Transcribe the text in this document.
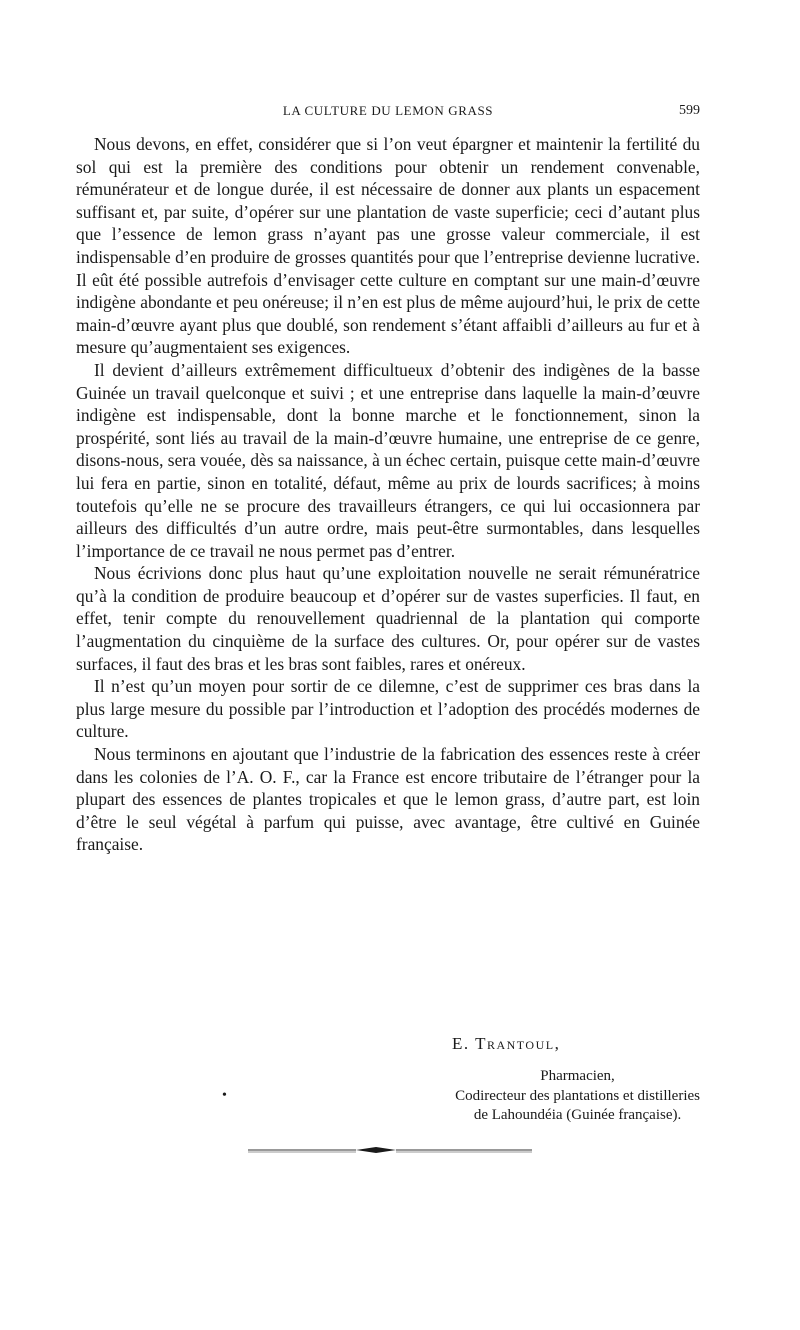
LA CULTURE DU LEMON GRASS	599

Nous devons, en effet, considérer que si l’on veut épargner et maintenir la fertilité du sol qui est la première des conditions pour obtenir un rendement convenable, rémunérateur et de longue durée, il est nécessaire de donner aux plants un espacement suffisant et, par suite, d’opérer sur une plantation de vaste superficie; ceci d’autant plus que l’essence de lemon grass n’ayant pas une grosse valeur commerciale, il est indispensable d’en produire de grosses quantités pour que l’entreprise devienne lucrative. Il eût été possible autrefois d’envisager cette culture en comptant sur une main-d’œuvre indigène abondante et peu onéreuse; il n’en est plus de même aujourd’hui, le prix de cette main-d’œuvre ayant plus que doublé, son rendement s’étant affaibli d’ailleurs au fur et à mesure qu’augmentaient ses exigences.

Il devient d’ailleurs extrêmement difficultueux d’obtenir des indigènes de la basse Guinée un travail quelconque et suivi ; et une entreprise dans laquelle la main-d’œuvre indigène est indispensable, dont la bonne marche et le fonctionnement, sinon la prospérité, sont liés au travail de la main-d’œuvre humaine, une entreprise de ce genre, disons-nous, sera vouée, dès sa naissance, à un échec certain, puisque cette main-d’œuvre lui fera en partie, sinon en totalité, défaut, même au prix de lourds sacrifices; à moins toutefois qu’elle ne se procure des travailleurs étrangers, ce qui lui occasionnera par ailleurs des difficultés d’un autre ordre, mais peut-être surmontables, dans lesquelles l’importance de ce travail ne nous permet pas d’entrer.

Nous écrivions donc plus haut qu’une exploitation nouvelle ne serait rémunératrice qu’à la condition de produire beaucoup et d’opérer sur de vastes superficies. Il faut, en effet, tenir compte du renouvellement quadriennal de la plantation qui comporte l’augmentation du cinquième de la surface des cultures. Or, pour opérer sur de vastes surfaces, il faut des bras et les bras sont faibles, rares et onéreux.

Il n’est qu’un moyen pour sortir de ce dilemne, c’est de supprimer ces bras dans la plus large mesure du possible par l’introduction et l’adoption des procédés modernes de culture.

Nous terminons en ajoutant que l’industrie de la fabrication des essences reste à créer dans les colonies de l’A. O. F., car la France est encore tributaire de l’étranger pour la plupart des essences de plantes tropicales et que le lemon grass, d’autre part, est loin d’être le seul végétal à parfum qui puisse, avec avantage, être cultivé en Guinée française.

E. Trantoul,
Pharmacien,
Codirecteur des plantations et distilleries
de Lahoundéia (Guinée française).
•
